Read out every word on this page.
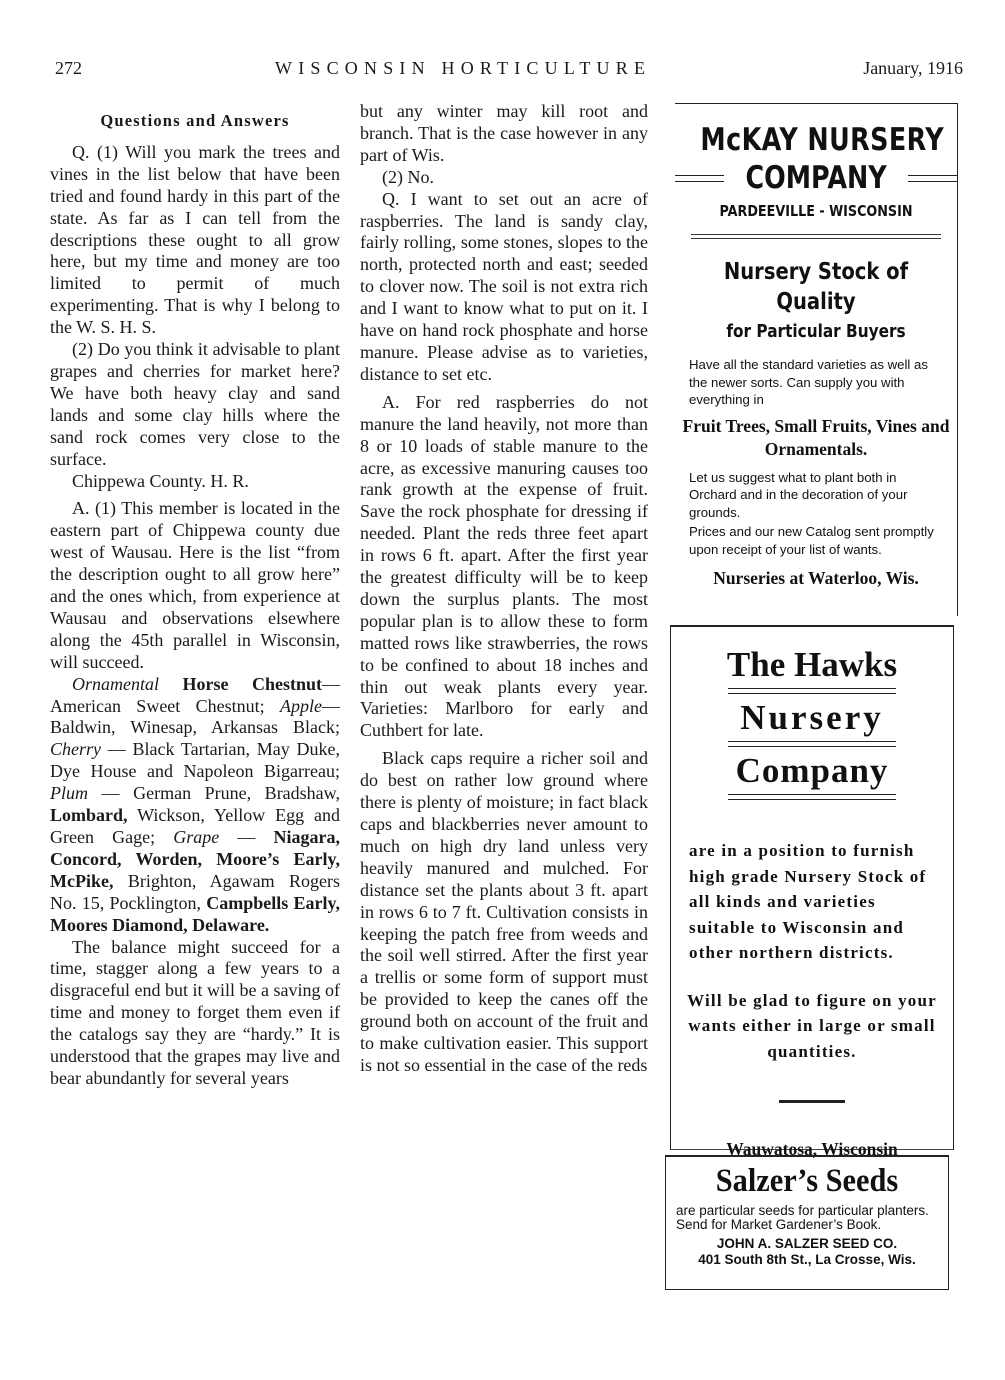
272	WISCONSIN HORTICULTURE	January, 1916

Questions and Answers

Q. (1) Will you mark the trees and vines in the list below that have been tried and found hardy in this part of the state. As far as I can tell from the descriptions these ought to all grow here, but my time and money are too limited to permit of much experimenting. That is why I belong to the W. S. H. S.

(2) Do you think it advisable to plant grapes and cherries for market here? We have both heavy clay and sand lands and some clay hills where the sand rock comes very close to the surface.

Chippewa County. H. R.

A. (1) This member is located in the eastern part of Chippewa county due west of Wausau. Here is the list “from the description ought to all grow here” and the ones which, from experience at Wausau and observations elsewhere along the 45th parallel in Wisconsin, will succeed.

Ornamental Horse Chestnut—American Sweet Chestnut; Apple—Baldwin, Winesap, Arkansas Black; Cherry — Black Tartarian, May Duke, Dye House and Napoleon Bigarreau; Plum — German Prune, Bradshaw, Lombard, Wickson, Yellow Egg and Green Gage; Grape — Niagara, Concord, Worden, Moore’s Early, McPike, Brighton, Agawam Rogers No. 15, Pocklington, Campbells Early, Moores Diamond, Delaware.

The balance might succeed for a time, stagger along a few years to a disgraceful end but it will be a saving of time and money to forget them even if the catalogs say they are “hardy.” It is understood that the grapes may live and bear abundantly for several years

but any winter may kill root and branch. That is the case however in any part of Wis.

(2) No.

Q. I want to set out an acre of raspberries. The land is sandy clay, fairly rolling, some stones, slopes to the north, protected north and east; seeded to clover now. The soil is not extra rich and I want to know what to put on it. I have on hand rock phosphate and horse manure. Please advise as to varieties, distance to set etc.

A. For red raspberries do not manure the land heavily, not more than 8 or 10 loads of stable manure to the acre, as excessive manuring causes too rank growth at the expense of fruit. Save the rock phosphate for dressing if needed. Plant the reds three feet apart in rows 6 ft. apart. After the first year the greatest difficulty will be to keep down the surplus plants. The most popular plan is to allow these to form matted rows like strawberries, the rows to be confined to about 18 inches and thin out weak plants every year. Varieties: Marlboro for early and Cuthbert for late.

Black caps require a richer soil and do best on rather low ground where there is plenty of moisture; in fact black caps and blackberries never amount to much on high dry land unless very heavily manured and mulched. For distance set the plants about 3 ft. apart in rows 6 to 7 ft. Cultivation consists in keeping the patch free from weeds and the soil well stirred. After the first year a trellis or some form of support must be provided to keep the canes off the ground both on account of the fruit and to make cultivation easier. This support is not so essential in the case of the reds

McKAY NURSERY
COMPANY
PARDEEVILLE - WISCONSIN
Nursery Stock of Quality
for Particular Buyers
Have all the standard varieties as well as the newer sorts. Can supply you with everything in
Fruit Trees, Small Fruits, Vines and Ornamentals.
Let us suggest what to plant both in Orchard and in the decoration of your grounds.
Prices and our new Catalog sent promptly upon receipt of your list of wants.
Nurseries at Waterloo, Wis.
The Hawks
Nursery
Company
are in a position to furnish high grade Nursery Stock of all kinds and varieties suitable to Wisconsin and other northern districts.
Will be glad to figure on your wants either in large or small quantities.
Wauwatosa, Wisconsin
Salzer’s Seeds
are particular seeds for particular planters. Send for Market Gardener’s Book.
JOHN A. SALZER SEED CO.
401 South 8th St., La Crosse, Wis.
